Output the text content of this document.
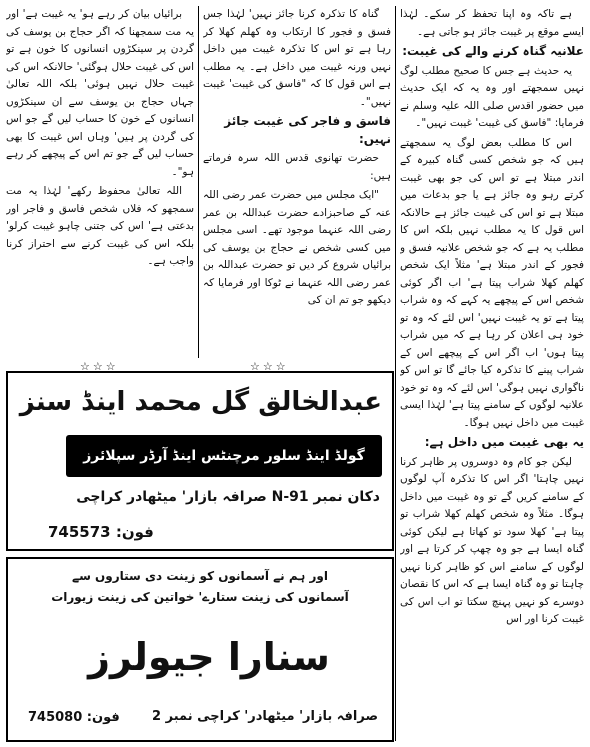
ہے تاکہ وہ اپنا تحفظ کر سکے۔ لہٰذا ایسے موقع پر غیبت جائز ہو جاتی ہے۔

علانیہ گناہ کرنے والے کی غیبت:

یہ حدیث ہے جس کا صحیح مطلب لوگ نہیں سمجھتے اور وہ یہ کہ ایک حدیث میں حضور اقدس صلی اللہ علیہ وسلم نے فرمایا: "فاسق کی غیبت' غیبت نہیں"۔

اس کا مطلب بعض لوگ یہ سمجھتے ہیں کہ جو شخص کسی گناہ کبیرہ کے اندر مبتلا ہے تو اس کی جو بھی غیبت کرتے رہو وہ جائز ہے یا جو بدعات میں مبتلا ہے تو اس کی غیبت جائز ہے حالانکہ اس قول کا یہ مطلب نہیں بلکہ اس کا مطلب یہ ہے کہ جو شخص علانیہ فسق و فجور کے اندر مبتلا ہے' مثلاً ایک شخص کھلم کھلا شراب پیتا ہے' اب اگر کوئی شخص اس کے پیچھے یہ کہے کہ وہ شراب پیتا ہے تو یہ غیبت نہیں' اس لئے کہ وہ تو خود ہی اعلان کر رہا ہے کہ میں شراب پیتا ہوں' اب اگر اس کے پیچھے اس کے شراب پینے کا تذکرہ کیا جائے گا تو اس کو ناگواری نہیں ہوگی' اس لئے کہ وہ تو خود علانیہ لوگوں کے سامنے پیتا ہے' لہٰذا ایسی غیبت میں داخل نہیں ہوگا۔

یہ بھی غیبت میں داخل ہے:

لیکن جو کام وہ دوسروں پر ظاہر کرنا نہیں چاہتا' اگر اس کا تذکرہ آپ لوگوں کے سامنے کریں گے تو وہ غیبت میں داخل ہوگا۔ مثلاً وہ شخص کھلم کھلا شراب تو پیتا ہے' کھلا سود تو کھاتا ہے لیکن کوئی گناہ ایسا ہے جو وہ چھپ کر کرتا ہے اور لوگوں کے سامنے اس کو ظاہر کرنا نہیں چاہتا تو وہ گناہ ایسا ہے کہ اس کا نقصان دوسرے کو نہیں پہنچ سکتا تو اب اس کی غیبت کرنا اور اس

گناہ کا تذکرہ کرنا جائز نہیں' لہٰذا جس فسق و فجور کا ارتکاب وہ کھلم کھلا کر رہا ہے تو اس کا تذکرہ غیبت میں داخل نہیں ورنہ غیبت میں داخل ہے۔ یہ مطلب ہے اس قول کا کہ "فاسق کی غیبت' غیبت نہیں"۔

فاسق و فاجر کی غیبت جائز نہیں:

حضرت تھانوی قدس اللہ سرہ فرماتے ہیں:

"ایک مجلس میں حضرت عمر رضی اللہ عنہ کے صاحبزادے حضرت عبداللہ بن عمر رضی اللہ عنہما موجود تھے۔ اسی مجلس میں کسی شخص نے حجاج بن یوسف کی برائیاں شروع کر دیں تو حضرت عبداللہ بن عمر رضی اللہ عنہما نے ٹوکا اور فرمایا کہ دیکھو جو تم ان کی

برائیاں بیان کر رہے ہو' یہ غیبت ہے' اور یہ مت سمجھنا کہ اگر حجاج بن یوسف کی گردن پر سینکڑوں انسانوں کا خون ہے تو اس کی غیبت حلال ہوگئی' حالانکہ اس کی غیبت حلال نہیں ہوئی' بلکہ اللہ تعالیٰ جہاں حجاج بن یوسف سے ان سینکڑوں انسانوں کے خون کا حساب لیں گے جو اس کی گردن پر ہیں' وہاں اس غیبت کا بھی حساب لیں گے جو تم اس کے پیچھے کر رہے ہو"۔

اللہ تعالیٰ محفوظ رکھے' لہٰذا یہ مت سمجھو کہ فلاں شخص فاسق و فاجر اور بدعتی ہے' اس کی جتنی چاہو غیبت کرلو' بلکہ اس کی غیبت کرنے سے احتراز کرنا واجب ہے۔

☆☆☆	☆☆☆
عبدالخالق گل محمد اینڈ سنز
گولڈ اینڈ سلور مرچنٹس اینڈ آرڈر سپلائرز
دکان نمبر N-91 صرافہ بازار' میٹھادر کراچی
فون: 745573
اور ہم نے آسمانوں کو زینت دی ستاروں سے
آسمانوں کی زینت ستارے' خواتین کی زینت زیورات
سنارا جیولرز
صرافہ بازار' میٹھادر' کراچی نمبر 2
فون: 745080
